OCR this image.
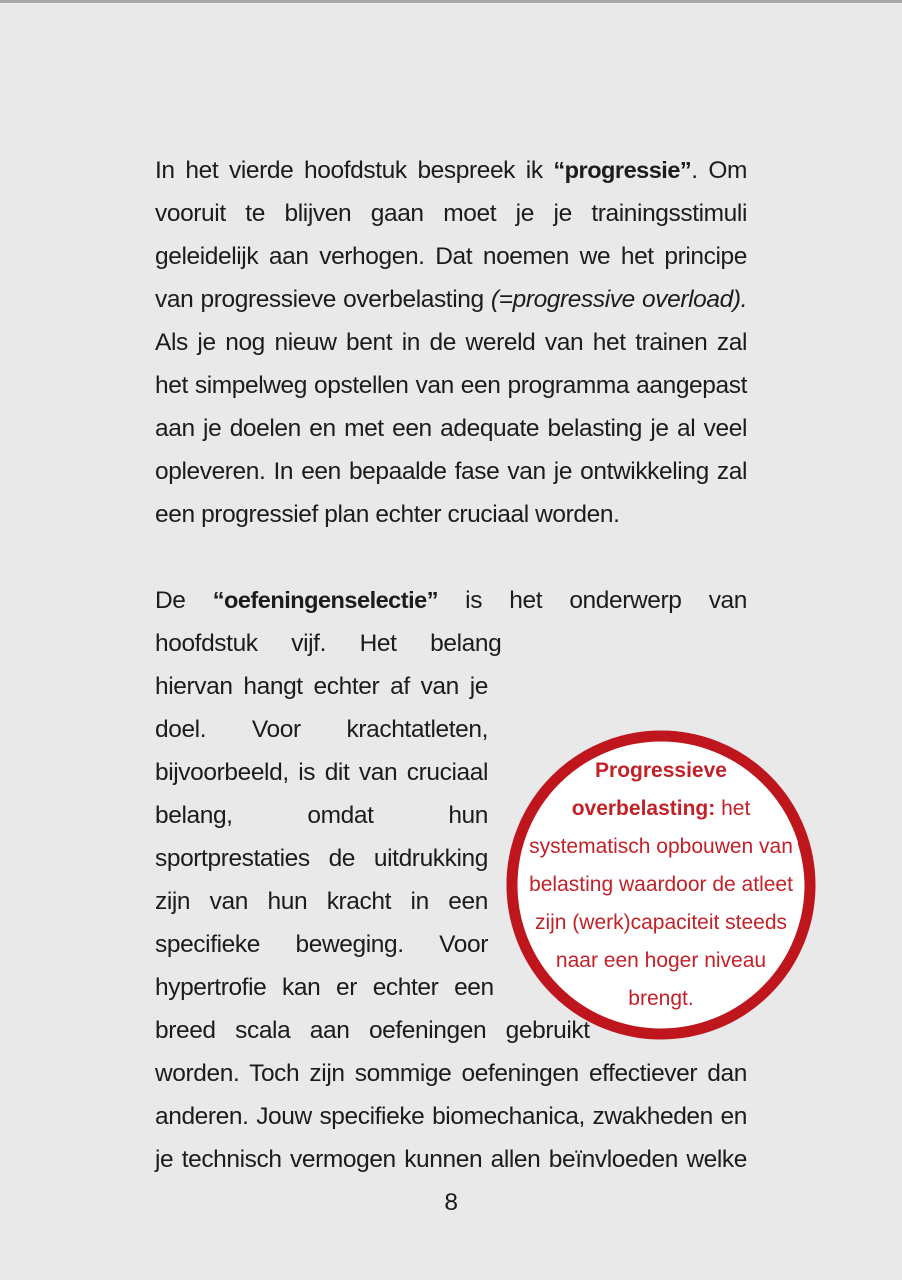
In het vierde hoofdstuk bespreek ik “progressie”. Om vooruit te blijven gaan moet je je trainingsstimuli geleidelijk aan verhogen. Dat noemen we het principe van progressieve overbelasting (=progressive overload). Als je nog nieuw bent in de wereld van het trainen zal het simpelweg opstellen van een programma aangepast aan je doelen en met een adequate belasting je al veel opleveren. In een bepaalde fase van je ontwikkeling zal een progressief plan echter cruciaal worden.

De “oefeningenselectie” is het onderwerp van hoofdstuk vijf. Het belang hiervan hangt echter af van je doel. Voor krachtatleten, bijvoorbeeld, is dit van cruciaal belang, omdat hun sportprestaties de uitdrukking zijn van hun kracht in een specifieke beweging. Voor hypertrofie kan er echter een breed scala aan oefeningen gebruikt worden. Toch zijn sommige oefeningen effectiever dan anderen. Jouw specifieke biomechanica, zwakheden en je technisch vermogen kunnen allen beïnvloeden welke

8
Progressieve overbelasting: het systematisch opbouwen van belasting waardoor de atleet zijn (werk)capaciteit steeds naar een hoger niveau brengt.
